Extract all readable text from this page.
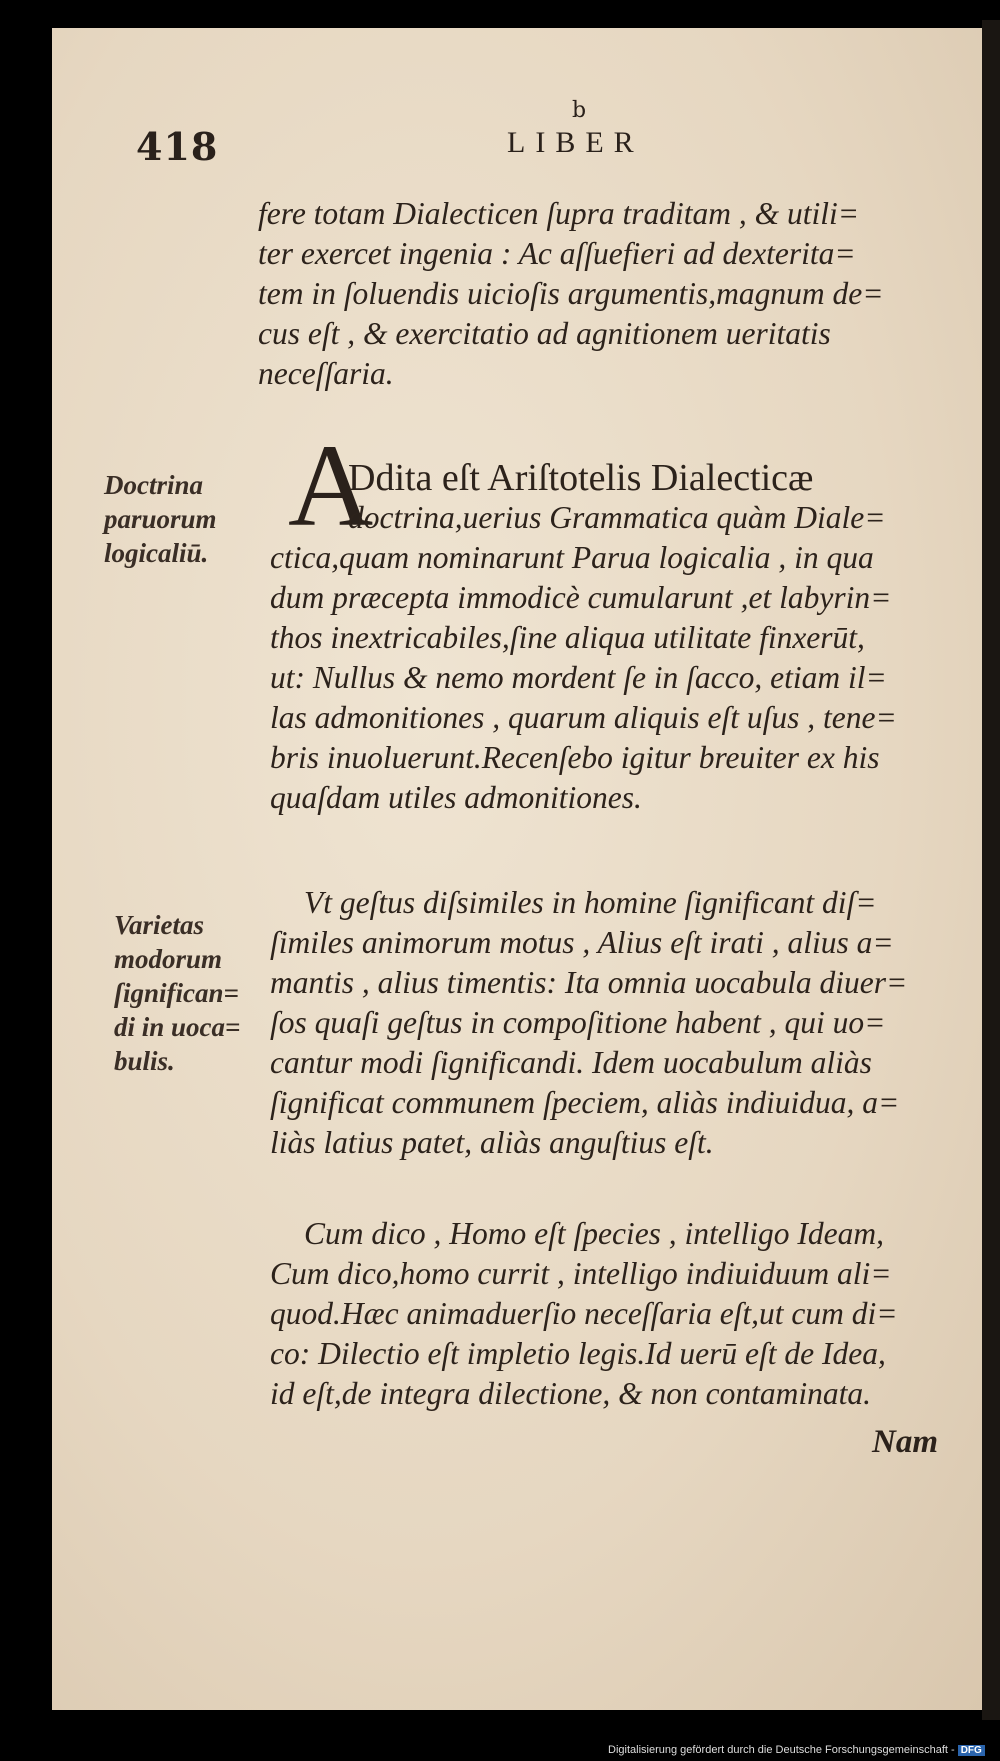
418
b
LIBER
fere totam Dialecticen ſupra traditam , & utili=
ter exercet ingenia : Ac aſſuefieri ad dexterita=
tem in ſoluendis uicioſis argumentis,magnum de=
cus eſt , & exercitatio ad agnitionem ueritatis
neceſſaria.
Doctrina
paruorum
logicaliū.
A
Ddita eſt Ariſtotelis Dialecticæ
doctrina,uerius Grammatica quàm Diale=
ctica,quam nominarunt Parua logicalia , in qua
dum præcepta immodicè cumularunt ,et labyrin=
thos inextricabiles,ſine aliqua utilitate finxerūt,
ut: Nullus & nemo mordent ſe in ſacco, etiam il=
las admonitiones , quarum aliquis eſt uſus , tene=
bris inuoluerunt.Recenſebo igitur breuiter ex his
quaſdam utiles admonitiones.
Varietas
modorum
ſignifican=
di in uoca=
bulis.
Vt geſtus diſsimiles in homine ſignificant diſ=
ſimiles animorum motus , Alius eſt irati , alius a=
mantis , alius timentis: Ita omnia uocabula diuer=
ſos quaſi geſtus in compoſitione habent , qui uo=
cantur modi ſignificandi. Idem uocabulum aliàs
ſignificat communem ſpeciem, aliàs indiuidua, a=
liàs latius patet, aliàs anguſtius eſt.
Cum dico , Homo eſt ſpecies , intelligo Ideam,
Cum dico,homo currit , intelligo indiuiduum ali=
quod.Hæc animaduerſio neceſſaria eſt,ut cum di=
co: Dilectio eſt impletio legis.Id uerū eſt de Idea,
id eſt,de integra dilectione, & non contaminata.
Nam
Digitalisierung gefördert durch die Deutsche Forschungsgemeinschaft - DFG
